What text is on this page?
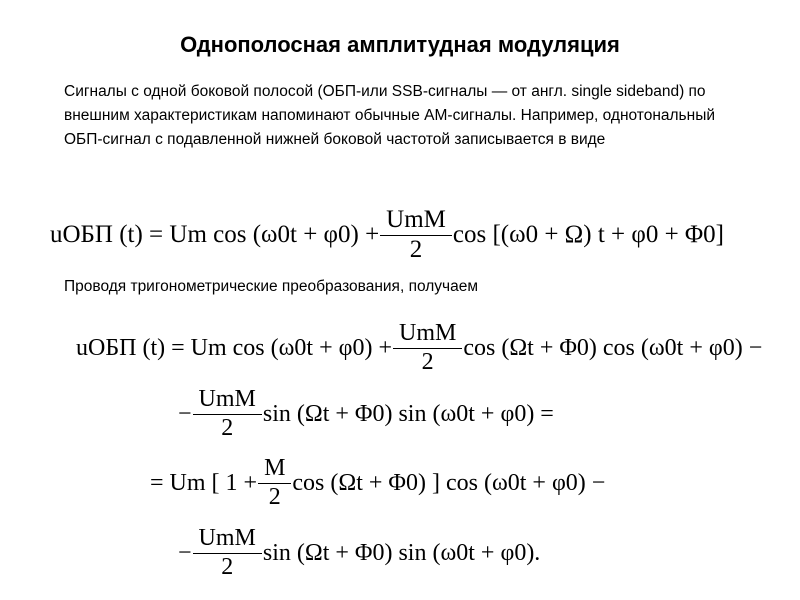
Однополосная амплитудная модуляция

Сигналы с одной боковой полосой (ОБП-или SSB-сигналы — от англ. single sideband) по внешним характеристикам напоминают обычные АМ-сигналы. Например, однотональный ОБП-сигнал с подавленной нижней боковой частотой записывается в виде

uОБП (t) = Um $\cos (\omega 0t + \varphi 0) + \frac{\text{UmM}}{2}$ cos [(ω0 + Ω) t + φ0 + Φ0]

Проводя тригонометрические преобразования, получаем

uОБП (t) = Um $\cos (\omega 0t + \varphi 0) + \frac{\text{UmM}}{2}$ cos (Ωt + Φ0) cos (ω0t + φ0) −
− $\frac{\text{UmM}}{2}$ sin (Ωt + Φ0) sin (ω0t + φ0) =
= Um [ $1 + \frac{M}{2}$ cos (Ωt + Φ0) ] cos (ω0t + φ0) −
− $\frac{\text{UmM}}{2}$ sin (Ωt + Φ0) sin (ω0t + φ0).
